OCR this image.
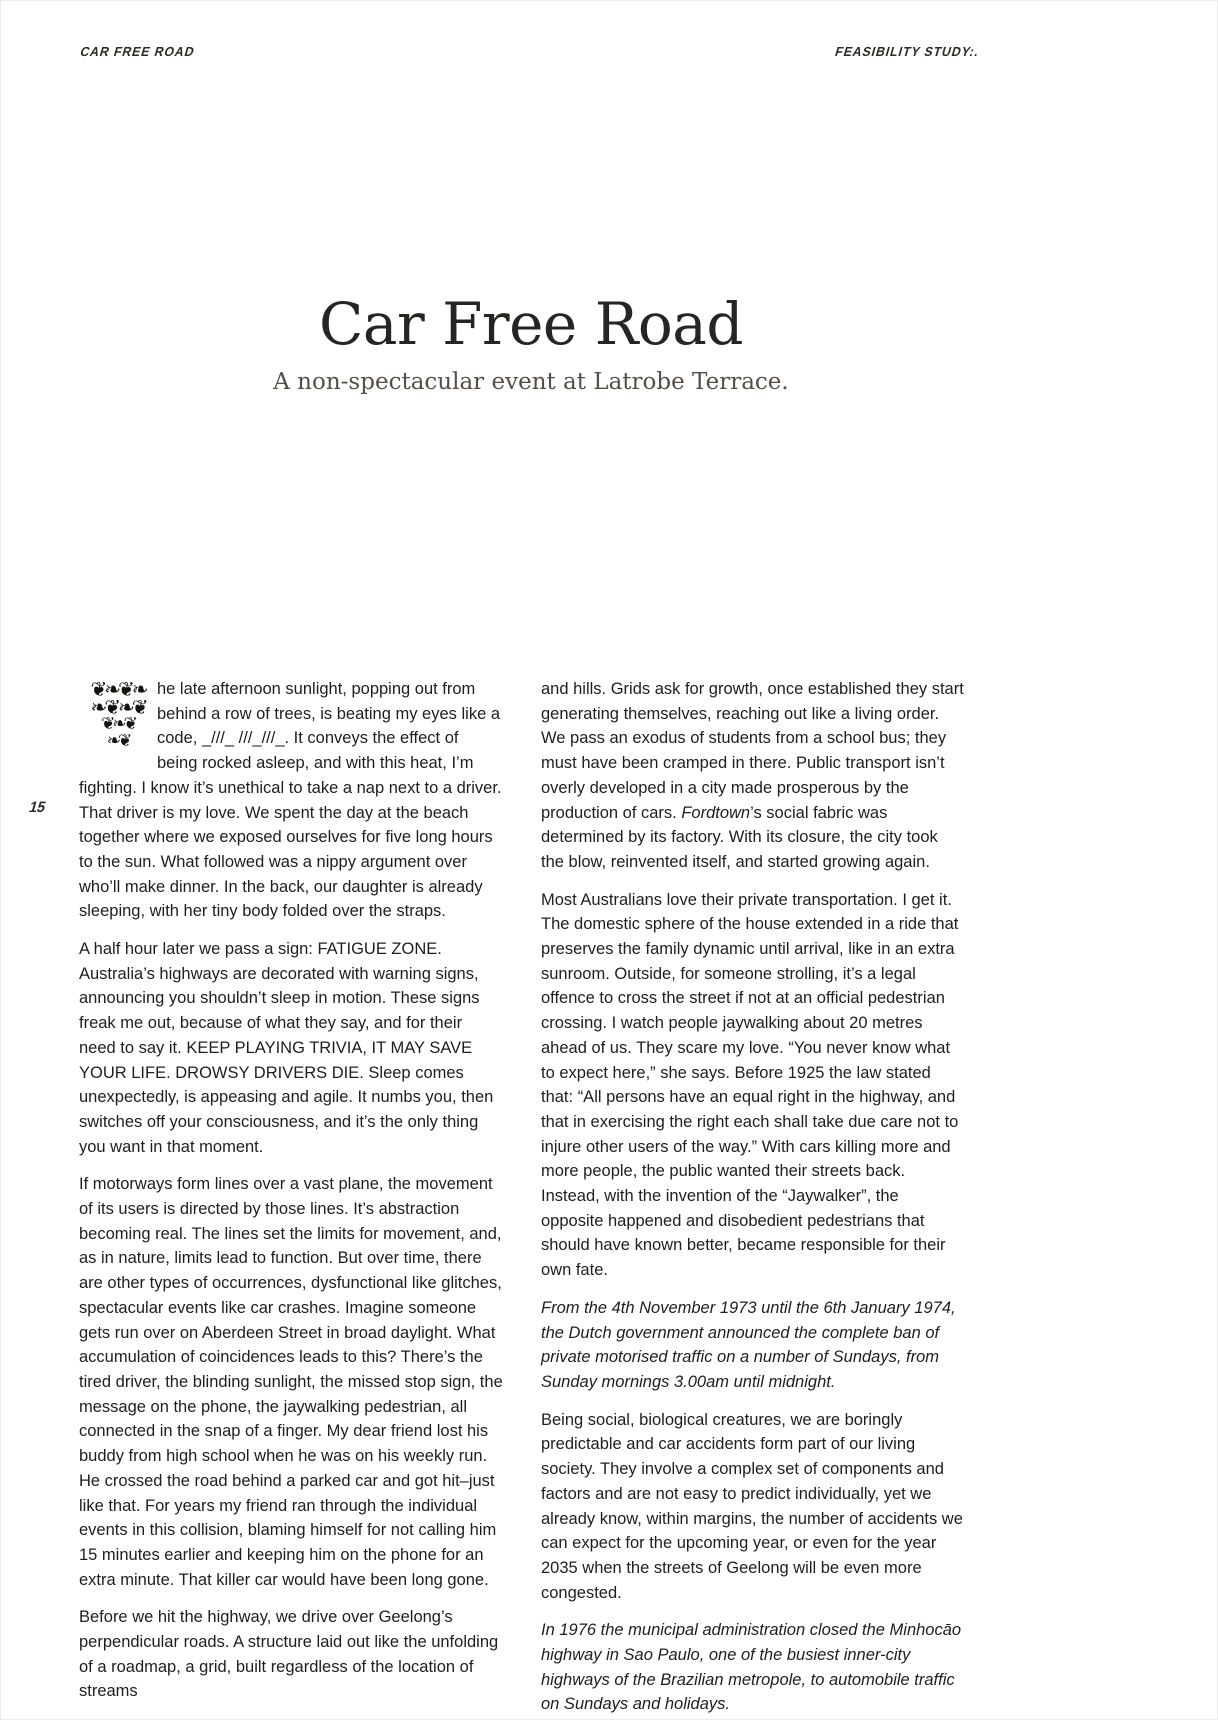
CAR FREE ROAD	FEASIBILITY STUDY:.
15
Car Free Road
A non-spectacular event at Latrobe Terrace.

❦❧❦❧
❧❦❧❦
❦❧❦
❧❦
he late afternoon sunlight, popping out from behind a row of trees, is beating my eyes like a code, _///_ ///_///_. It conveys the effect of being rocked asleep, and with this heat, I’m fighting. I know it’s unethical to take a nap next to a driver. That driver is my love. We spent the day at the beach together where we exposed ourselves for five long hours to the sun. What followed was a nippy argument over who’ll make dinner. In the back, our daughter is already sleeping, with her tiny body folded over the straps.

A half hour later we pass a sign: FATIGUE ZONE. Australia’s highways are decorated with warning signs, announcing you shouldn’t sleep in motion. These signs freak me out, because of what they say, and for their need to say it. KEEP PLAYING TRIVIA, IT MAY SAVE YOUR LIFE. DROWSY DRIVERS DIE. Sleep comes unexpectedly, is appeasing and agile. It numbs you, then switches off your consciousness, and it’s the only thing you want in that moment.

If motorways form lines over a vast plane, the movement of its users is directed by those lines. It’s abstraction becoming real. The lines set the limits for movement, and, as in nature, limits lead to function. But over time, there are other types of occurrences, dysfunctional like glitches, spectacular events like car crashes. Imagine someone gets run over on Aberdeen Street in broad daylight. What accumulation of coincidences leads to this? There’s the tired driver, the blinding sunlight, the missed stop sign, the message on the phone, the jaywalking pedestrian, all connected in the snap of a finger. My dear friend lost his buddy from high school when he was on his weekly run. He crossed the road behind a parked car and got hit–just like that. For years my friend ran through the individual events in this collision, blaming himself for not calling him 15 minutes earlier and keeping him on the phone for an extra minute. That killer car would have been long gone.

Before we hit the highway, we drive over Geelong’s perpendicular roads. A structure laid out like the unfolding of a roadmap, a grid, built regardless of the location of streams

and hills. Grids ask for growth, once established they start generating themselves, reaching out like a living order. We pass an exodus of students from a school bus; they must have been cramped in there. Public transport isn’t overly developed in a city made prosperous by the production of cars. Fordtown’s social fabric was determined by its factory. With its closure, the city took the blow, reinvented itself, and started growing again.

Most Australians love their private transportation. I get it. The domestic sphere of the house extended in a ride that preserves the family dynamic until arrival, like in an extra sunroom. Outside, for someone strolling, it’s a legal offence to cross the street if not at an official pedestrian crossing. I watch people jaywalking about 20 metres ahead of us. They scare my love. “You never know what to expect here,” she says. Before 1925 the law stated that: “All persons have an equal right in the highway, and that in exercising the right each shall take due care not to injure other users of the way.” With cars killing more and more people, the public wanted their streets back. Instead, with the invention of the “Jaywalker”, the opposite happened and disobedient pedestrians that should have known better, became responsible for their own fate.

From the 4th November 1973 until the 6th January 1974, the Dutch government announced the complete ban of private motorised traffic on a number of Sundays, from Sunday mornings 3.00am until midnight.

Being social, biological creatures, we are boringly predictable and car accidents form part of our living society. They involve a complex set of components and factors and are not easy to predict individually, yet we already know, within margins, the number of accidents we can expect for the upcoming year, or even for the year 2035 when the streets of Geelong will be even more congested.

In 1976 the municipal administration closed the Minhocāo highway in Sao Paulo, one of the busiest inner-city highways of the Brazilian metropole, to automobile traffic on Sundays and holidays.
